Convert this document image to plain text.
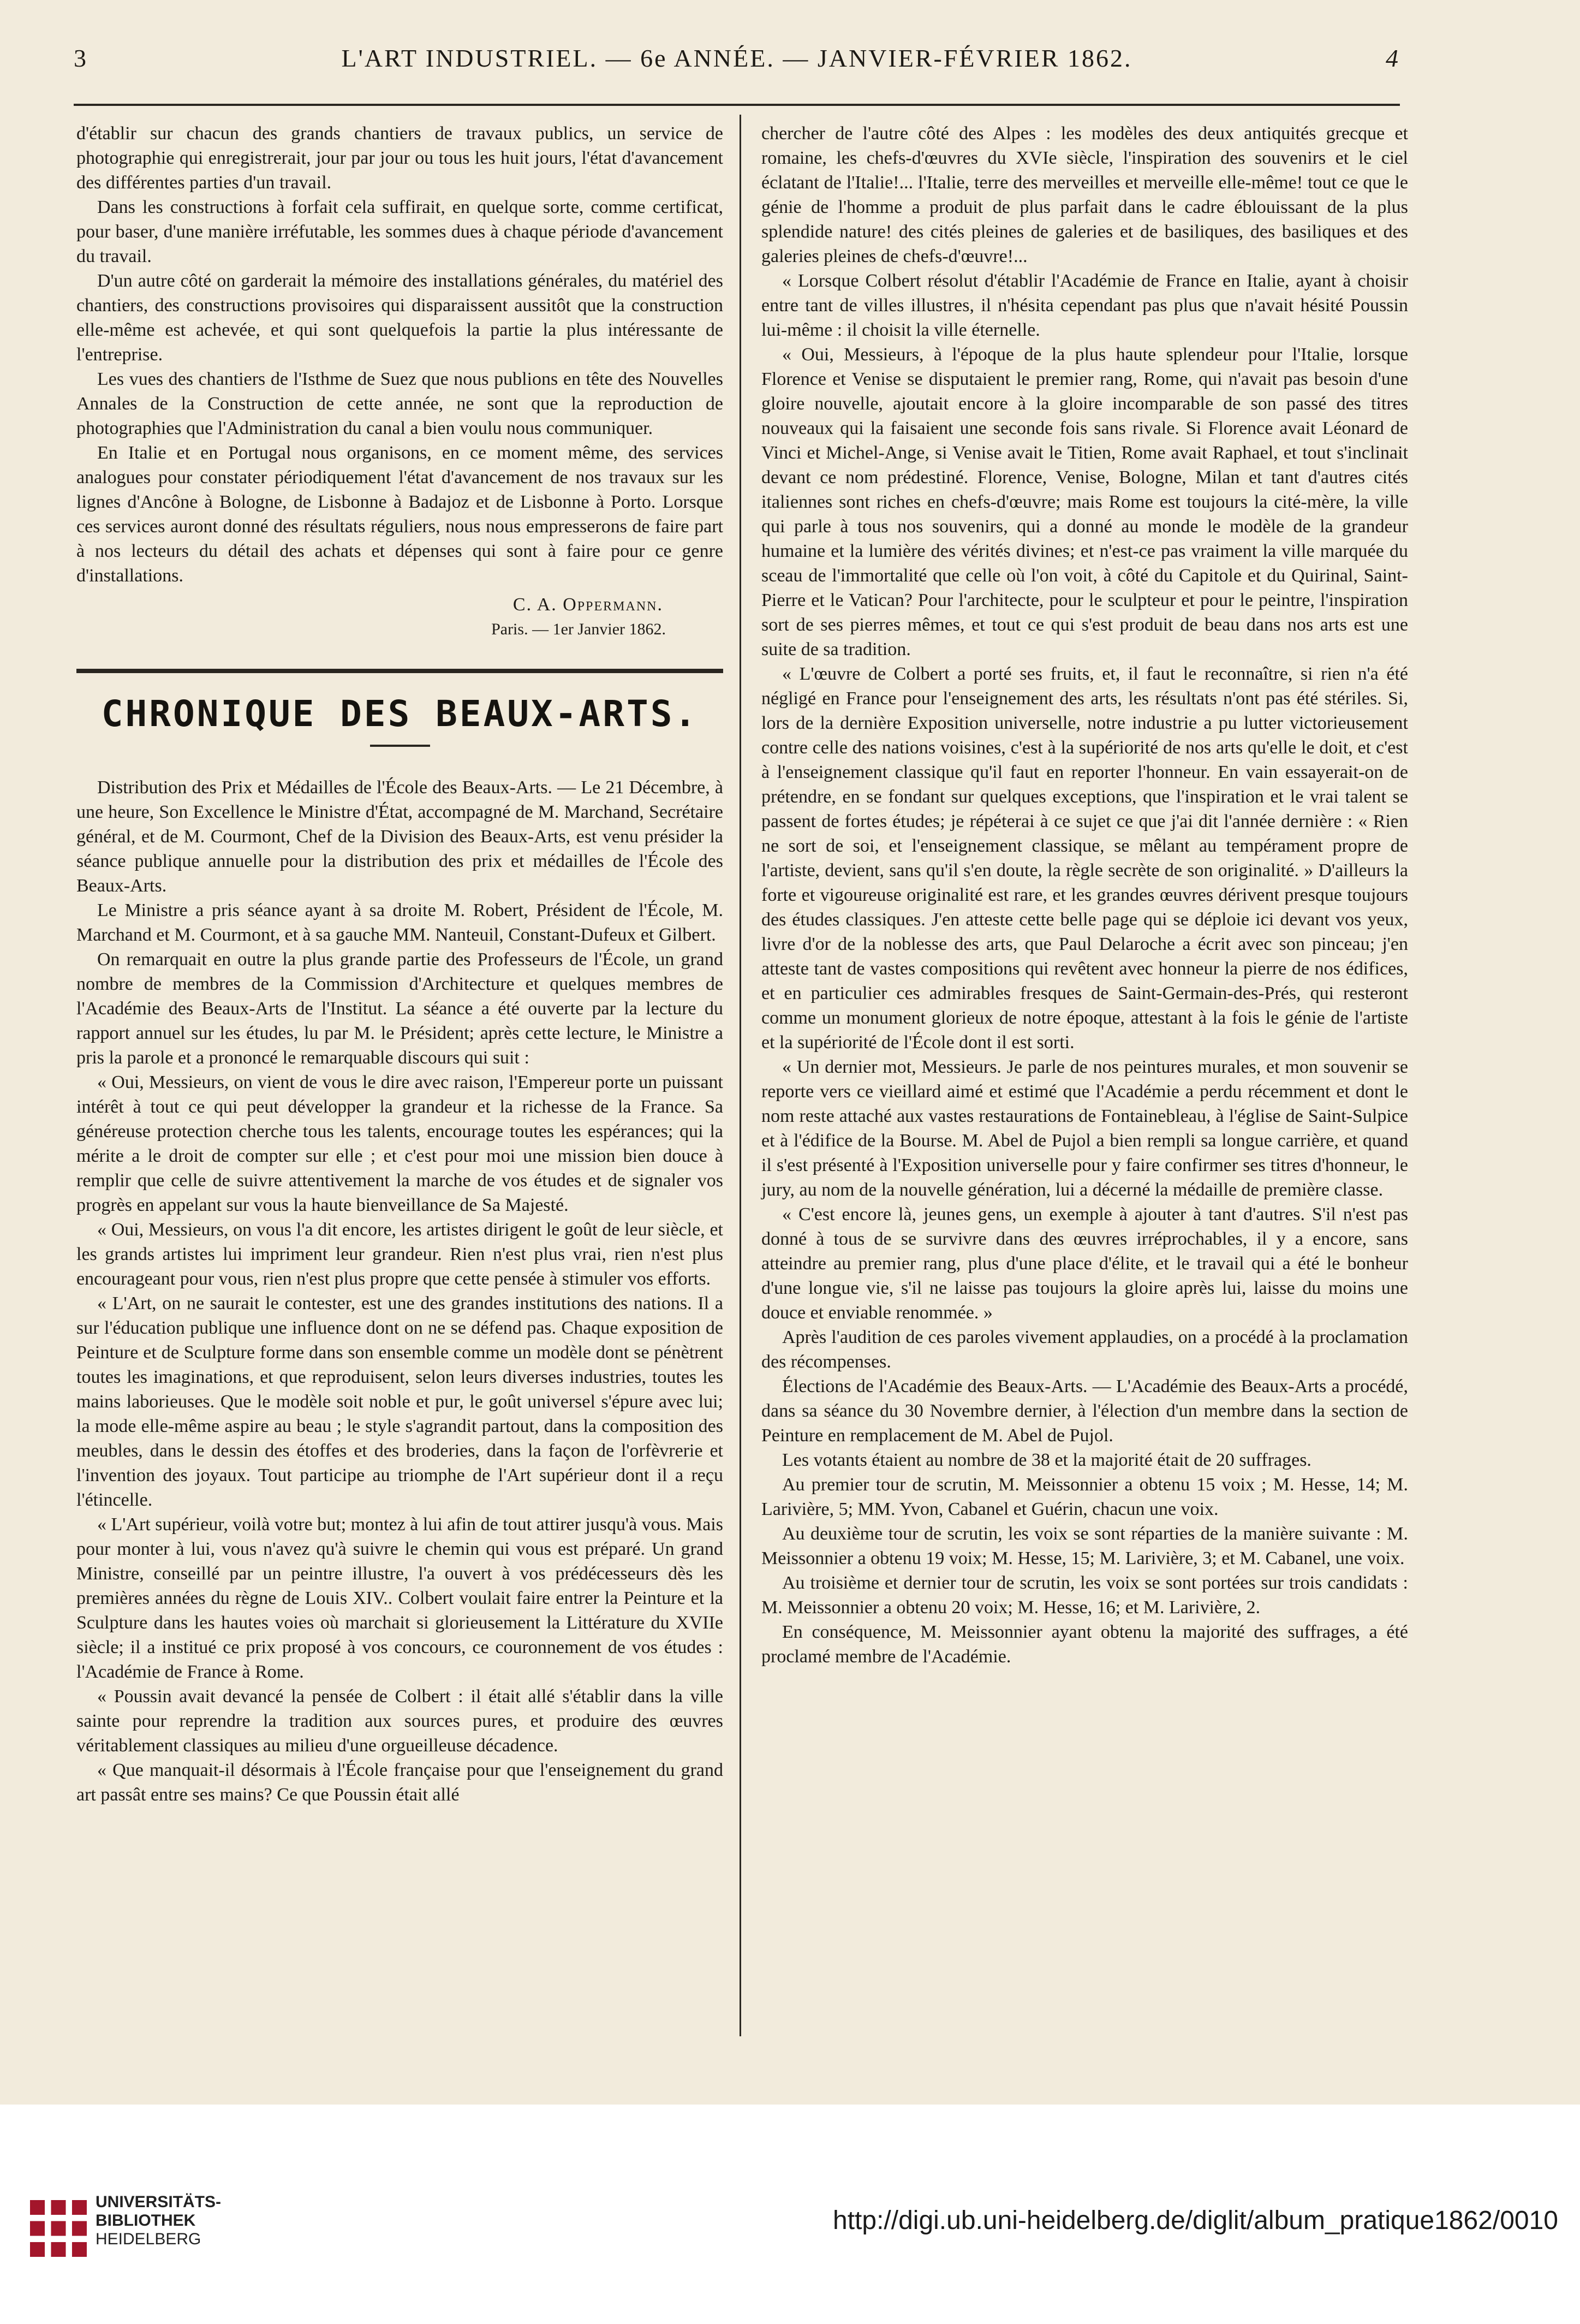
3	L'ART INDUSTRIEL. — 6e ANNÉE. — JANVIER-FÉVRIER 1862.	4

d'établir sur chacun des grands chantiers de travaux publics, un service de photographie qui enregistrerait, jour par jour ou tous les huit jours, l'état d'avancement des différentes parties d'un travail.

Dans les constructions à forfait cela suffirait, en quelque sorte, comme certificat, pour baser, d'une manière irréfutable, les sommes dues à chaque période d'avancement du travail.

D'un autre côté on garderait la mémoire des installations générales, du matériel des chantiers, des constructions provisoires qui disparaissent aussitôt que la construction elle-même est achevée, et qui sont quelquefois la partie la plus intéressante de l'entreprise.

Les vues des chantiers de l'Isthme de Suez que nous publions en tête des Nouvelles Annales de la Construction de cette année, ne sont que la reproduction de photographies que l'Administration du canal a bien voulu nous communiquer.

En Italie et en Portugal nous organisons, en ce moment même, des services analogues pour constater périodiquement l'état d'avancement de nos travaux sur les lignes d'Ancône à Bologne, de Lisbonne à Badajoz et de Lisbonne à Porto. Lorsque ces services auront donné des résultats réguliers, nous nous empresserons de faire part à nos lecteurs du détail des achats et dépenses qui sont à faire pour ce genre d'installations.

C. A. Oppermann.

Paris. — 1er Janvier 1862.

CHRONIQUE DES BEAUX-ARTS.

Distribution des Prix et Médailles de l'École des Beaux-Arts. — Le 21 Décembre, à une heure, Son Excellence le Ministre d'État, accompagné de M. Marchand, Secrétaire général, et de M. Courmont, Chef de la Division des Beaux-Arts, est venu présider la séance publique annuelle pour la distribution des prix et médailles de l'École des Beaux-Arts.

Le Ministre a pris séance ayant à sa droite M. Robert, Président de l'École, M. Marchand et M. Courmont, et à sa gauche MM. Nanteuil, Constant-Dufeux et Gilbert.

On remarquait en outre la plus grande partie des Professeurs de l'École, un grand nombre de membres de la Commission d'Architecture et quelques membres de l'Académie des Beaux-Arts de l'Institut. La séance a été ouverte par la lecture du rapport annuel sur les études, lu par M. le Président; après cette lecture, le Ministre a pris la parole et a prononcé le remarquable discours qui suit :

« Oui, Messieurs, on vient de vous le dire avec raison, l'Empereur porte un puissant intérêt à tout ce qui peut développer la grandeur et la richesse de la France. Sa généreuse protection cherche tous les talents, encourage toutes les espérances; qui la mérite a le droit de compter sur elle ; et c'est pour moi une mission bien douce à remplir que celle de suivre attentivement la marche de vos études et de signaler vos progrès en appelant sur vous la haute bienveillance de Sa Majesté.

« Oui, Messieurs, on vous l'a dit encore, les artistes dirigent le goût de leur siècle, et les grands artistes lui impriment leur grandeur. Rien n'est plus vrai, rien n'est plus encourageant pour vous, rien n'est plus propre que cette pensée à stimuler vos efforts.

« L'Art, on ne saurait le contester, est une des grandes institutions des nations. Il a sur l'éducation publique une influence dont on ne se défend pas. Chaque exposition de Peinture et de Sculpture forme dans son ensemble comme un modèle dont se pénètrent toutes les imaginations, et que reproduisent, selon leurs diverses industries, toutes les mains laborieuses. Que le modèle soit noble et pur, le goût universel s'épure avec lui; la mode elle-même aspire au beau ; le style s'agrandit partout, dans la composition des meubles, dans le dessin des étoffes et des broderies, dans la façon de l'orfèvrerie et l'invention des joyaux. Tout participe au triomphe de l'Art supérieur dont il a reçu l'étincelle.

« L'Art supérieur, voilà votre but; montez à lui afin de tout attirer jusqu'à vous. Mais pour monter à lui, vous n'avez qu'à suivre le chemin qui vous est préparé. Un grand Ministre, conseillé par un peintre illustre, l'a ouvert à vos prédécesseurs dès les premières années du règne de Louis XIV.. Colbert voulait faire entrer la Peinture et la Sculpture dans les hautes voies où marchait si glorieusement la Littérature du XVIIe siècle; il a institué ce prix proposé à vos concours, ce couronnement de vos études : l'Académie de France à Rome.

« Poussin avait devancé la pensée de Colbert : il était allé s'établir dans la ville sainte pour reprendre la tradition aux sources pures, et produire des œuvres véritablement classiques au milieu d'une orgueilleuse décadence.

« Que manquait-il désormais à l'École française pour que l'enseignement du grand art passât entre ses mains? Ce que Poussin était allé

chercher de l'autre côté des Alpes : les modèles des deux antiquités grecque et romaine, les chefs-d'œuvres du XVIe siècle, l'inspiration des souvenirs et le ciel éclatant de l'Italie!... l'Italie, terre des merveilles et merveille elle-même! tout ce que le génie de l'homme a produit de plus parfait dans le cadre éblouissant de la plus splendide nature! des cités pleines de galeries et de basiliques, des basiliques et des galeries pleines de chefs-d'œuvre!...

« Lorsque Colbert résolut d'établir l'Académie de France en Italie, ayant à choisir entre tant de villes illustres, il n'hésita cependant pas plus que n'avait hésité Poussin lui-même : il choisit la ville éternelle.

« Oui, Messieurs, à l'époque de la plus haute splendeur pour l'Italie, lorsque Florence et Venise se disputaient le premier rang, Rome, qui n'avait pas besoin d'une gloire nouvelle, ajoutait encore à la gloire incomparable de son passé des titres nouveaux qui la faisaient une seconde fois sans rivale. Si Florence avait Léonard de Vinci et Michel-Ange, si Venise avait le Titien, Rome avait Raphael, et tout s'inclinait devant ce nom prédestiné. Florence, Venise, Bologne, Milan et tant d'autres cités italiennes sont riches en chefs-d'œuvre; mais Rome est toujours la cité-mère, la ville qui parle à tous nos souvenirs, qui a donné au monde le modèle de la grandeur humaine et la lumière des vérités divines; et n'est-ce pas vraiment la ville marquée du sceau de l'immortalité que celle où l'on voit, à côté du Capitole et du Quirinal, Saint-Pierre et le Vatican? Pour l'architecte, pour le sculpteur et pour le peintre, l'inspiration sort de ses pierres mêmes, et tout ce qui s'est produit de beau dans nos arts est une suite de sa tradition.

« L'œuvre de Colbert a porté ses fruits, et, il faut le reconnaître, si rien n'a été négligé en France pour l'enseignement des arts, les résultats n'ont pas été stériles. Si, lors de la dernière Exposition universelle, notre industrie a pu lutter victorieusement contre celle des nations voisines, c'est à la supériorité de nos arts qu'elle le doit, et c'est à l'enseignement classique qu'il faut en reporter l'honneur. En vain essayerait-on de prétendre, en se fondant sur quelques exceptions, que l'inspiration et le vrai talent se passent de fortes études; je répéterai à ce sujet ce que j'ai dit l'année dernière : « Rien ne sort de soi, et l'enseignement classique, se mêlant au tempérament propre de l'artiste, devient, sans qu'il s'en doute, la règle secrète de son originalité. » D'ailleurs la forte et vigoureuse originalité est rare, et les grandes œuvres dérivent presque toujours des études classiques. J'en atteste cette belle page qui se déploie ici devant vos yeux, livre d'or de la noblesse des arts, que Paul Delaroche a écrit avec son pinceau; j'en atteste tant de vastes compositions qui revêtent avec honneur la pierre de nos édifices, et en particulier ces admirables fresques de Saint-Germain-des-Prés, qui resteront comme un monument glorieux de notre époque, attestant à la fois le génie de l'artiste et la supériorité de l'École dont il est sorti.

« Un dernier mot, Messieurs. Je parle de nos peintures murales, et mon souvenir se reporte vers ce vieillard aimé et estimé que l'Académie a perdu récemment et dont le nom reste attaché aux vastes restaurations de Fontainebleau, à l'église de Saint-Sulpice et à l'édifice de la Bourse. M. Abel de Pujol a bien rempli sa longue carrière, et quand il s'est présenté à l'Exposition universelle pour y faire confirmer ses titres d'honneur, le jury, au nom de la nouvelle génération, lui a décerné la médaille de première classe.

« C'est encore là, jeunes gens, un exemple à ajouter à tant d'autres. S'il n'est pas donné à tous de se survivre dans des œuvres irréprochables, il y a encore, sans atteindre au premier rang, plus d'une place d'élite, et le travail qui a été le bonheur d'une longue vie, s'il ne laisse pas toujours la gloire après lui, laisse du moins une douce et enviable renommée. »

Après l'audition de ces paroles vivement applaudies, on a procédé à la proclamation des récompenses.

Élections de l'Académie des Beaux-Arts. — L'Académie des Beaux-Arts a procédé, dans sa séance du 30 Novembre dernier, à l'élection d'un membre dans la section de Peinture en remplacement de M. Abel de Pujol.

Les votants étaient au nombre de 38 et la majorité était de 20 suffrages.

Au premier tour de scrutin, M. Meissonnier a obtenu 15 voix ; M. Hesse, 14; M. Larivière, 5; MM. Yvon, Cabanel et Guérin, chacun une voix.

Au deuxième tour de scrutin, les voix se sont réparties de la manière suivante : M. Meissonnier a obtenu 19 voix; M. Hesse, 15; M. Larivière, 3; et M. Cabanel, une voix.

Au troisième et dernier tour de scrutin, les voix se sont portées sur trois candidats : M. Meissonnier a obtenu 20 voix; M. Hesse, 16; et M. Larivière, 2.

En conséquence, M. Meissonnier ayant obtenu la majorité des suffrages, a été proclamé membre de l'Académie.

UNIVERSITÄTS-
BIBLIOTHEK
HEIDELBERG
http://digi.ub.uni-heidelberg.de/diglit/album_pratique1862/0010
